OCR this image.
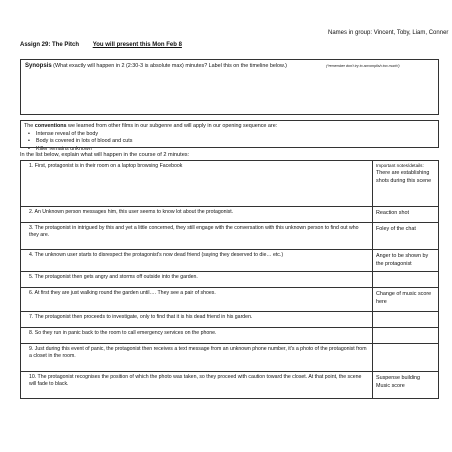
Names in group: Vincent, Toby, Liam, Conner
Assign 29: The Pitch You will present this Mon Feb 8
Synopsis (What exactly will happen in 2 (2:30-3 is absolute max) minutes? Label this on the timeline below.)	(*remember don't try to accomplish too much!)
The conventions we learned from other films in our subgenre and will apply in our opening sequence are:
• Intense reveal of the body
• Body is covered in lots of blood and cuts
• Killer remains unknown
In the list below, explain what will happen in the course of 2 minutes:
1. First, protagonist is in their room on a laptop browsing Facebook	Important notes/details:
There are establishing shots during this scene

2. An Unknown person messages him, this user seems to know lot about the protagonist.	Reaction shot
3. The protagonist in intrigued by this and yet a little concerned, they still engage with the conversation with this unknown person to find out who they are.	Foley of the chat
4. The unknown user starts to disrespect the protagonist's now dead friend (saying they deserved to die… etc.)	Anger to be shown by the protagonist
5. The protagonist then gets angry and storms off outside into the garden.	
6. At first they are just walking round the garden until…. They see a pair of shoes.	Change of music score here
7. The protagonist then proceeds to investigate, only to find that it is his dead friend in his garden.	
8. So they run in panic back to the room to call emergency services on the phone.	
9. Just during this event of panic, the protagonist then receives a text message from an unknown phone number, it's a photo of the protagonist from a closet in the room.	
10. The protagonist recognises the position of which the photo was taken, so they proceed with caution toward the closet. At that point, the scene will fade to black.	Suspense building
Music score
